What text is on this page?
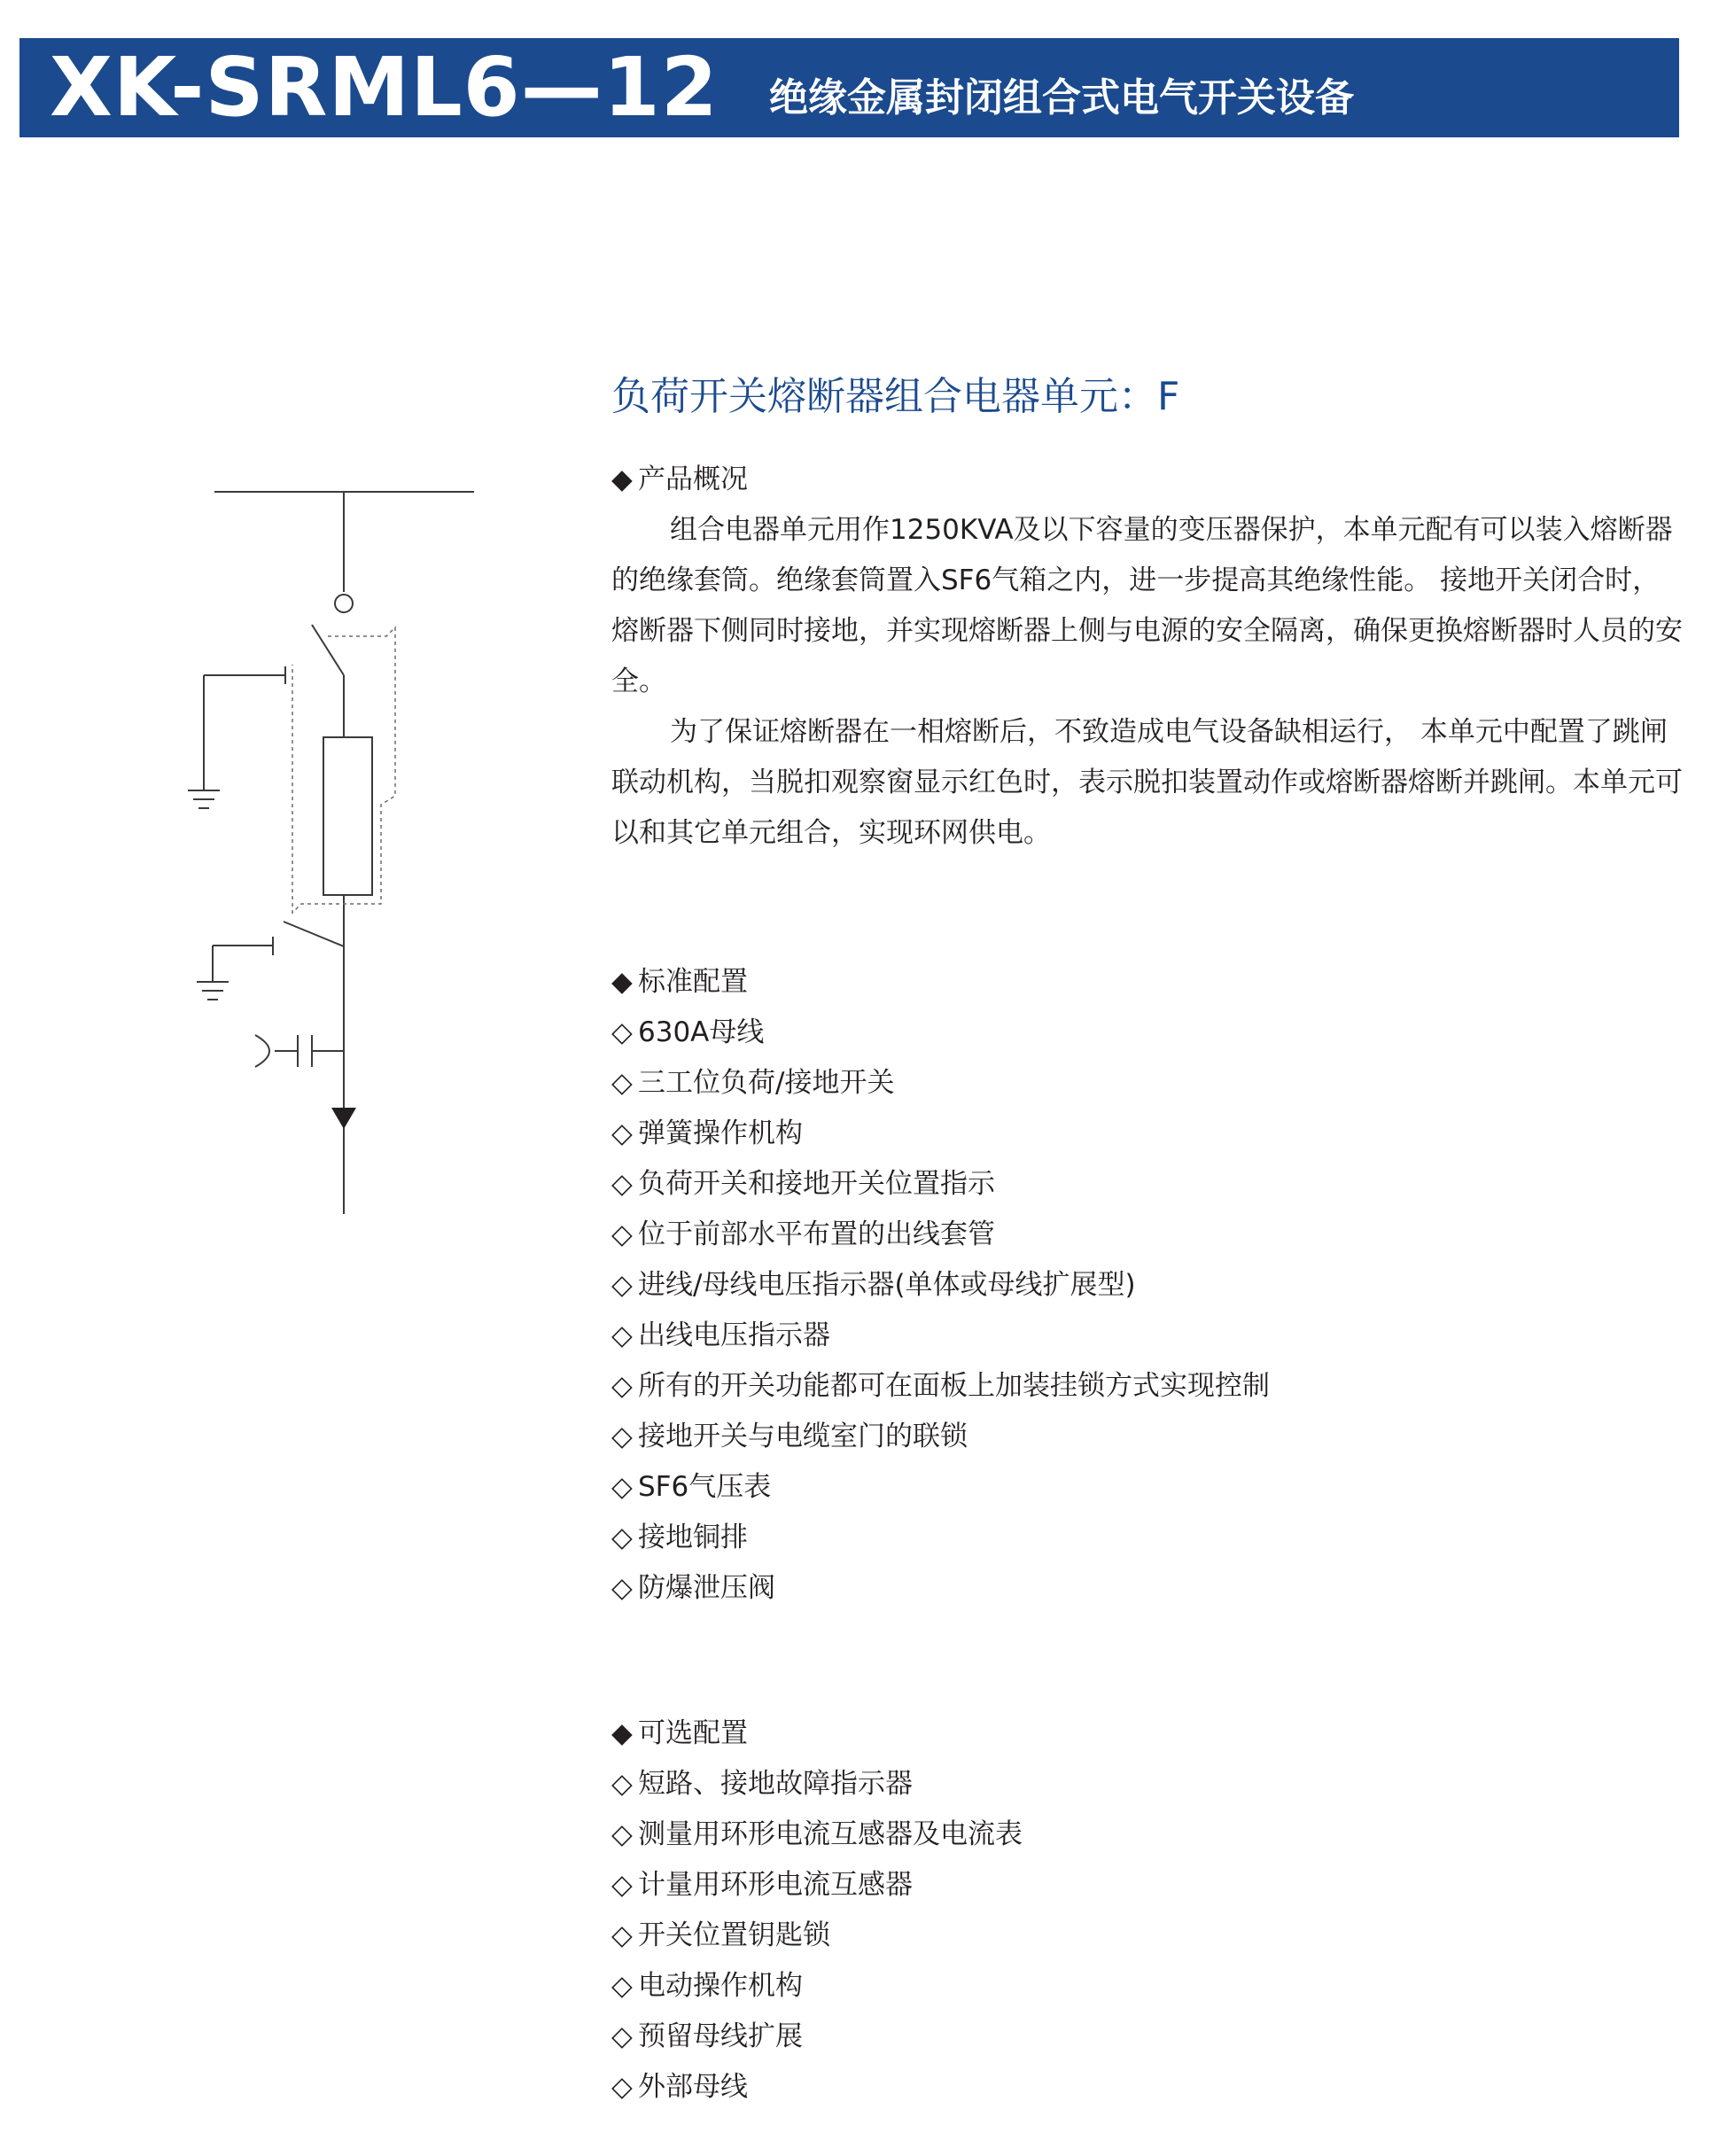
XK-SRML6—12 绝缘金属封闭组合式电气开关设备
负荷开关熔断器组合电器单元：F
◆ 产品概况
组合电器单元用作1250KVA及以下容量的变压器保护，本单元配有可以装入熔断器的绝缘套筒。绝缘套筒置入SF6气箱之内，进一步提高其绝缘性能。 接地开关闭合时，熔断器下侧同时接地，并实现熔断器上侧与电源的安全隔离，确保更换熔断器时人员的安全。
为了保证熔断器在一相熔断后，不致造成电气设备缺相运行， 本单元中配置了跳闸联动机构，当脱扣观察窗显示红色时，表示脱扣装置动作或熔断器熔断并跳闸。本单元可以和其它单元组合，实现环网供电。
◆ 标准配置
◇ 630A母线
◇ 三工位负荷/接地开关
◇ 弹簧操作机构
◇ 负荷开关和接地开关位置指示
◇ 位于前部水平布置的出线套管
◇ 进线/母线电压指示器(单体或母线扩展型)
◇ 出线电压指示器
◇ 所有的开关功能都可在面板上加装挂锁方式实现控制
◇ 接地开关与电缆室门的联锁
◇ SF6气压表
◇ 接地铜排
◇ 防爆泄压阀
◆ 可选配置
◇ 短路、接地故障指示器
◇ 测量用环形电流互感器及电流表
◇ 计量用环形电流互感器
◇ 开关位置钥匙锁
◇ 电动操作机构
◇ 预留母线扩展
◇ 外部母线
